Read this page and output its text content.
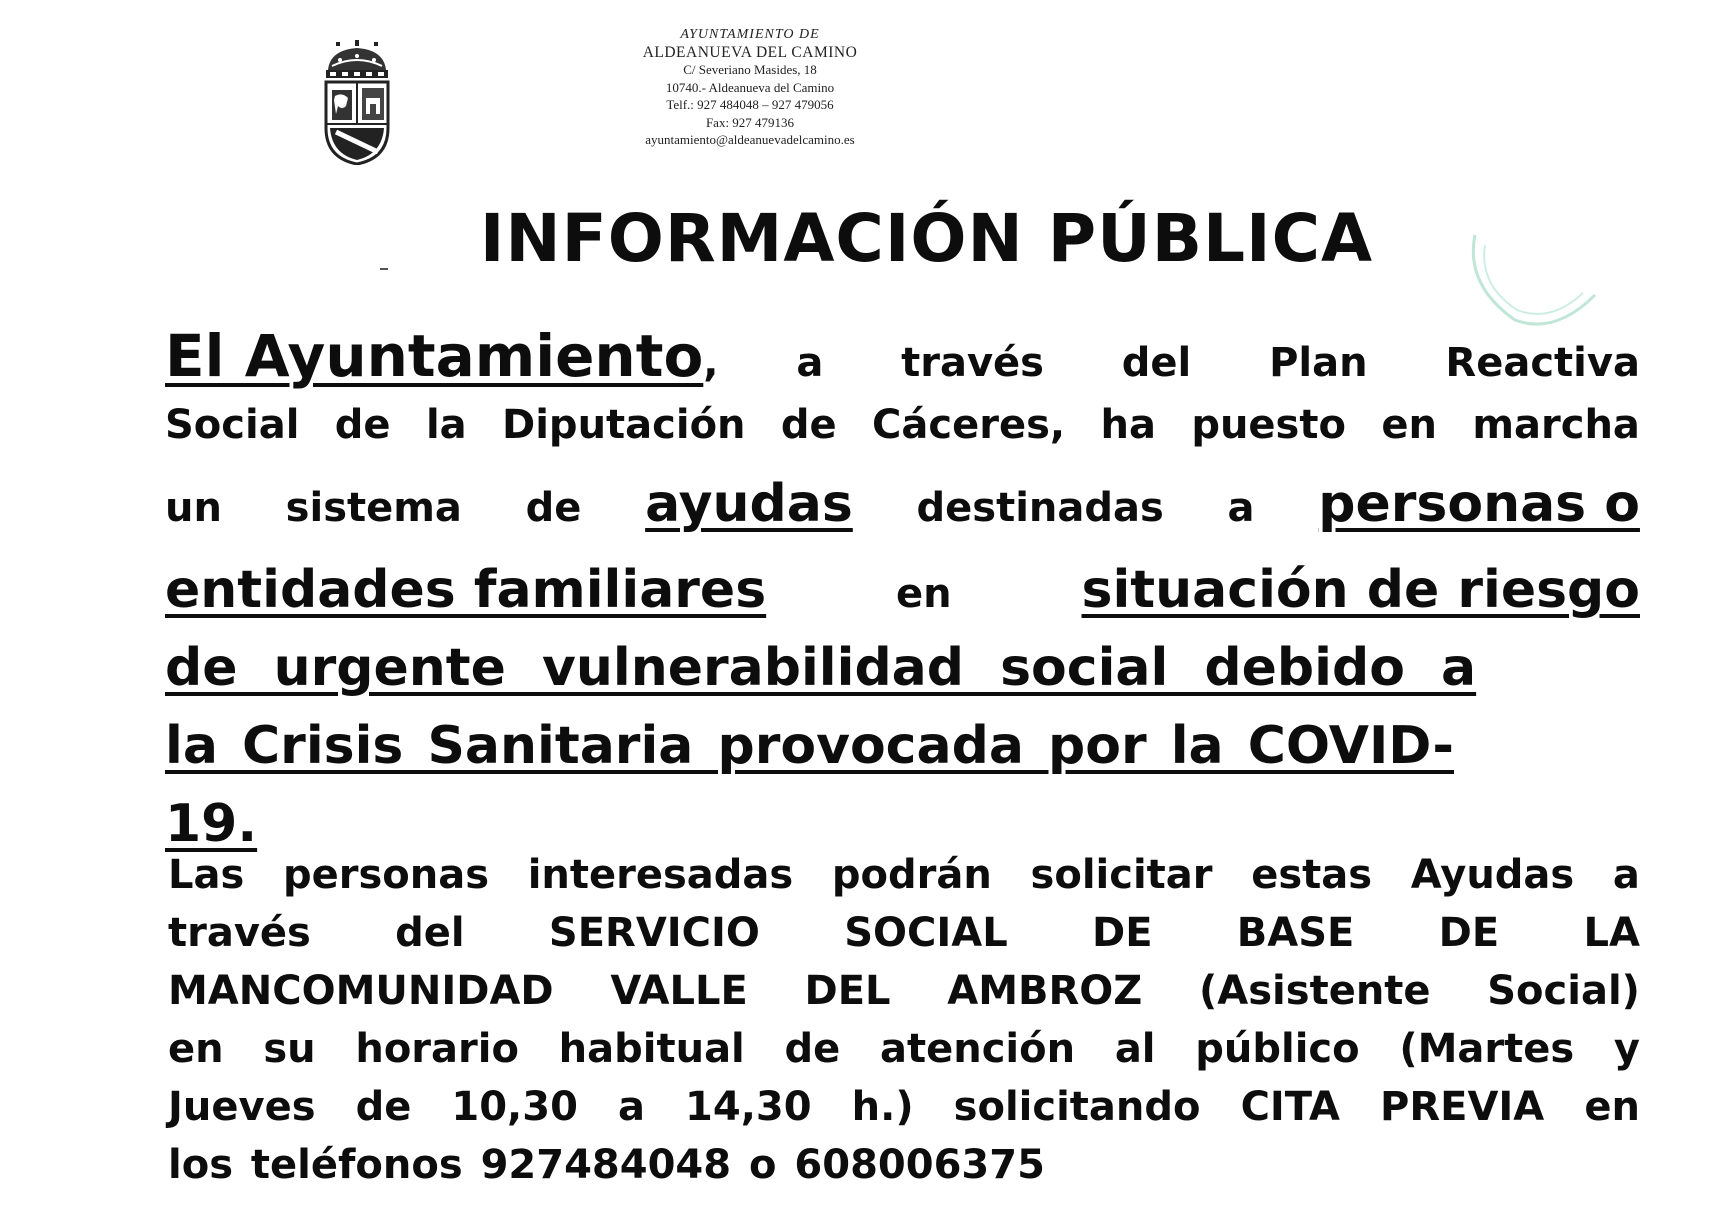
AYUNTAMIENTO DE
ALDEANUEVA DEL CAMINO
C/ Severiano Masides, 18
10740.- Aldeanueva del Camino
Telf.: 927 484048 – 927 479056
Fax: 927 479136
ayuntamiento@aldeanuevadelcamino.es
INFORMACIÓN PÚBLICA
El Ayuntamiento , a través del Plan Reactiva
Social de la Diputación de Cáceres, ha puesto en marcha
un sistema de ayudas destinadas a personas o
entidades familiares	en situación de riesgo
de urgente vulnerabilidad social debido a
la Crisis Sanitaria provocada por la COVID-
19.
Las personas interesadas podrán solicitar estas Ayudas a
través del SERVICIO SOCIAL DE BASE DE LA
MANCOMUNIDAD VALLE DEL AMBROZ (Asistente Social)
en su horario habitual de atención al público (Martes y
Jueves de 10,30 a 14,30 h.) solicitando CITA PREVIA en
los teléfonos 927484048 o 608006375
